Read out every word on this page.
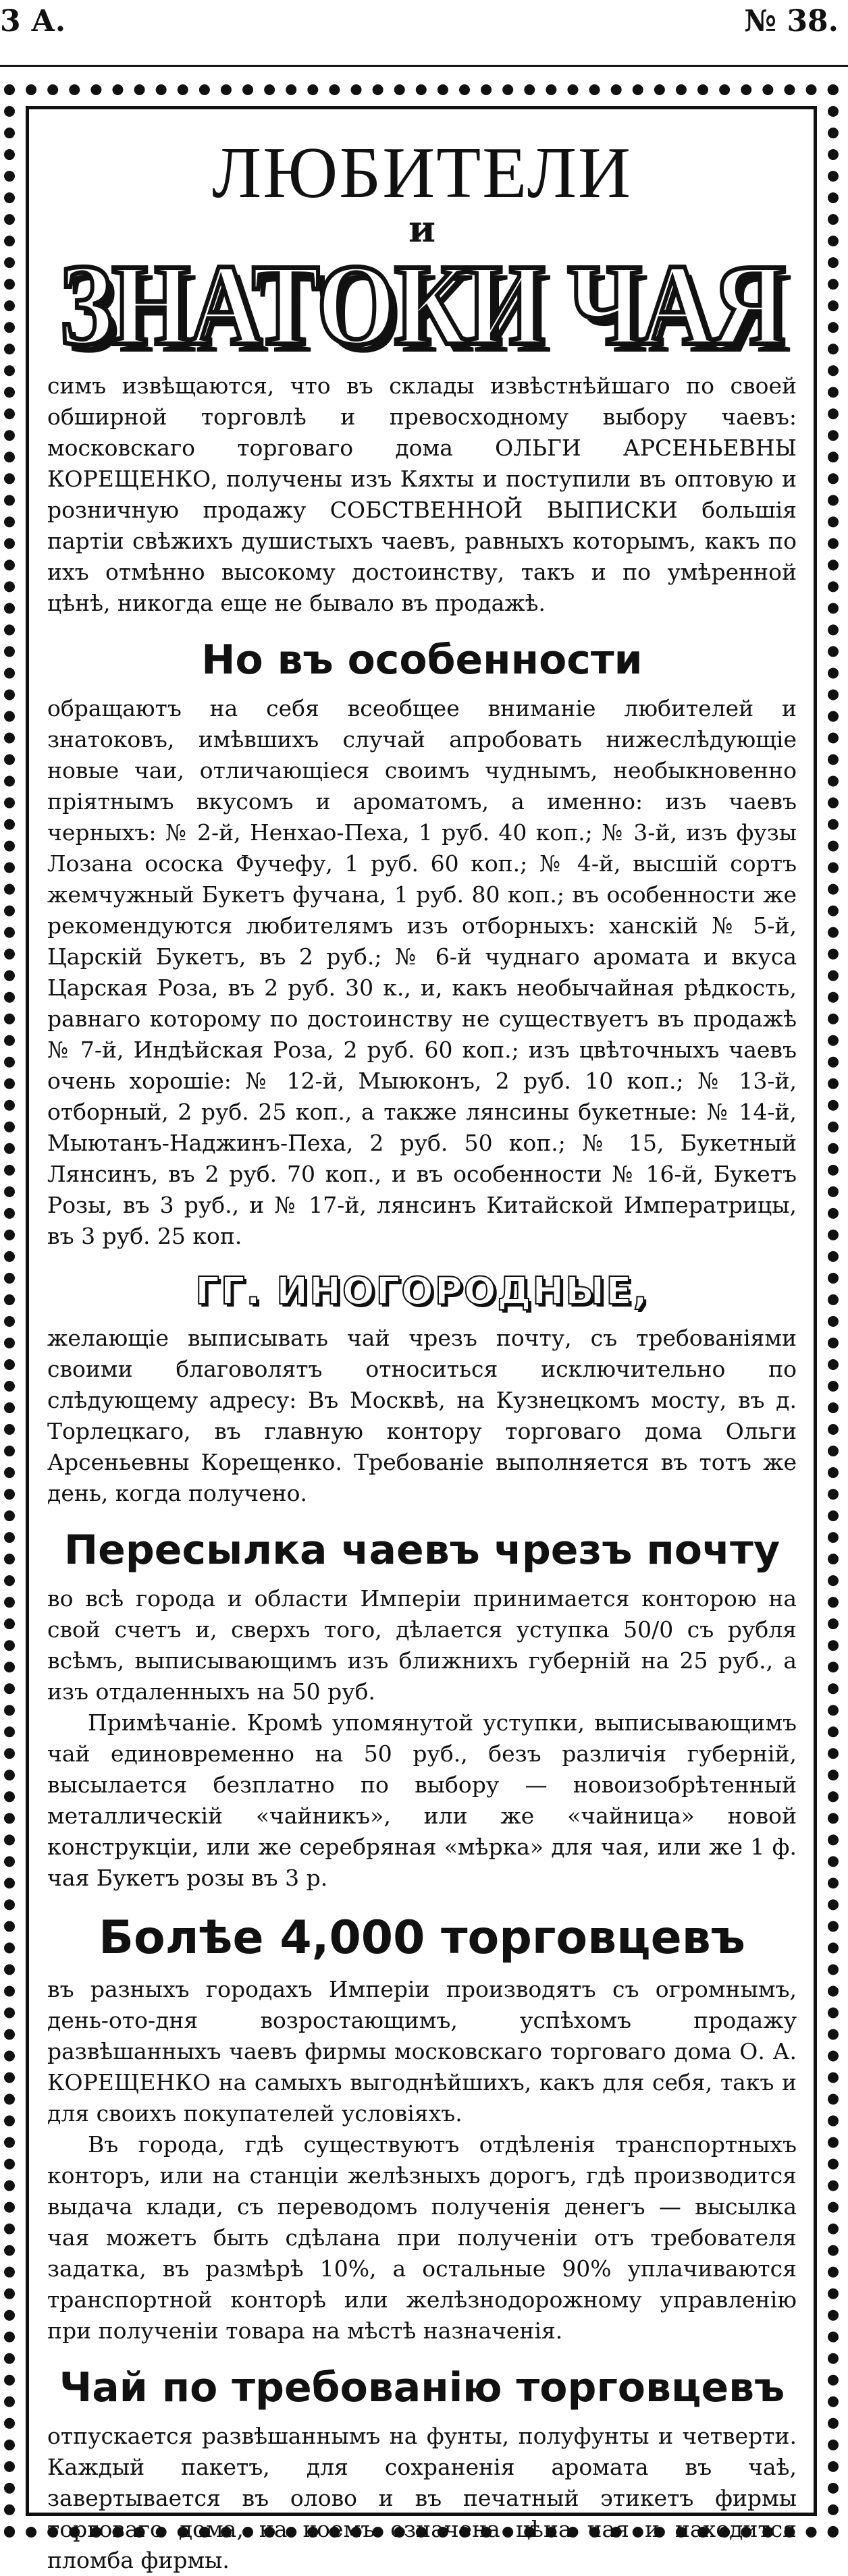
3 А.	№ 38.
ЛЮБИТЕЛИ
и
ЗНАТОКИ ЧАЯ

симъ извѣщаются, что въ склады извѣстнѣйшаго по своей обширной торговлѣ и превосходному выбору чаевъ: московскаго торговаго дома ОЛЬГИ АРСЕНЬЕВНЫ КОРЕЩЕНКО, получены изъ Кяхты и поступили въ оптовую и розничную продажу СОБСТВЕННОЙ ВЫПИСКИ большія партіи свѣжихъ душистыхъ чаевъ, равныхъ которымъ, какъ по ихъ отмѣнно высокому достоинству, такъ и по умѣренной цѣнѣ, никогда еще не бывало въ продажѣ.

Но въ особенности

обращаютъ на себя всеобщее вниманіе любителей и знатоковъ, имѣвшихъ случай апробовать нижеслѣдующіе новые чаи, отличающіеся своимъ чуднымъ, необыкновенно пріятнымъ вкусомъ и ароматомъ, а именно: изъ чаевъ черныхъ: № 2-й, Ненхао-Пеха, 1 руб. 40 коп.; № 3-й, изъ фузы Лозана ососка Фучефу, 1 руб. 60 коп.; № 4-й, высшій сортъ жемчужный Букетъ фучана, 1 руб. 80 коп.; въ особенности же рекомендуются любителямъ изъ отборныхъ: ханскій № 5-й, Царскій Букетъ, въ 2 руб.; № 6-й чуднаго аромата и вкуса Царская Роза, въ 2 руб. 30 к., и, какъ необычайная рѣдкость, равнаго которому по достоинству не существуетъ въ продажѣ № 7-й, Индѣйская Роза, 2 руб. 60 коп.; изъ цвѣточныхъ чаевъ очень хорошіе: № 12-й, Мыюконъ, 2 руб. 10 коп.; № 13-й, отборный, 2 руб. 25 коп., а также лянсины букетные: № 14-й, Мыютанъ-Наджинъ-Пеха, 2 руб. 50 коп.; № 15, Букетный Лянсинъ, въ 2 руб. 70 коп., и въ особенности № 16-й, Букетъ Розы, въ 3 руб., и № 17-й, лянсинъ Китайской Императрицы, въ 3 руб. 25 коп.

ГГ. ИНОГОРОДНЫЕ,

желающіе выписывать чай чрезъ почту, съ требованіями своими благоволятъ относиться исключительно по слѣдующему адресу: Въ Москвѣ, на Кузнецкомъ мосту, въ д. Торлецкаго, въ главную контору торговаго дома Ольги Арсеньевны Корещенко. Требованіе выполняется въ тотъ же день, когда получено.

Пересылка чаевъ чрезъ почту

во всѣ города и области Имперіи принимается конторою на свой счетъ и, сверхъ того, дѣлается уступка 50/0 съ рубля всѣмъ, выписывающимъ изъ ближнихъ губерній на 25 руб., а изъ отдаленныхъ на 50 руб.

Примѣчаніе. Кромѣ упомянутой уступки, выписывающимъ чай единовременно на 50 руб., безъ различія губерній, высылается безплатно по выбору — новоизобрѣтенный металлическій «чайникъ», или же «чайница» новой конструкціи, или же серебряная «мѣрка» для чая, или же 1 ф. чая Букетъ розы въ 3 р.

Болѣе 4,000 торговцевъ

въ разныхъ городахъ Имперіи производятъ съ огромнымъ, день-ото-дня возростающимъ, успѣхомъ продажу развѣшанныхъ чаевъ фирмы московскаго торговаго дома О. А. КОРЕЩЕНКО на самыхъ выгоднѣйшихъ, какъ для себя, такъ и для своихъ покупателей условіяхъ.

Въ города, гдѣ существуютъ отдѣленія транспортныхъ конторъ, или на станціи желѣзныхъ дорогъ, гдѣ производится выдача клади, съ переводомъ полученія денегъ — высылка чая можетъ быть сдѣлана при полученіи отъ требователя задатка, въ размѣрѣ 10%, а остальные 90% уплачиваются транспортной конторѣ или желѣзнодорожному управленію при полученіи товара на мѣстѣ назначенія.

Чай по требованію торговцевъ

отпускается развѣшаннымъ на фунты, полуфунты и четверти. Каждый пакетъ, для сохраненія аромата въ чаѣ, завертывается въ олово и въ печатный этикетъ фирмы торговаго дома, на коемъ означена цѣна чая и находится пломба фирмы.
